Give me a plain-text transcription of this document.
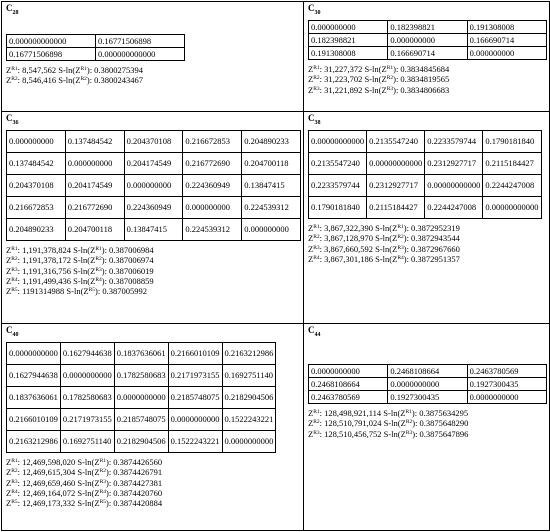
$C_{28}$
0.000000000000	0.16771506898
0.16771506898	0.000000000000
$Z^{R1}$: 8,547,562 $S-\ln(Z^{R1})$: 0.3800275394
$Z^{R2}$: 8,546,416 $S-\ln(Z^{R2})$: 0.3800243467

$C_{30}$
0.000000000	0.182398821	0.191308008
0.182398821	0.000000000	0.166690714
0.191308008	0.166690714	0.000000000
$Z^{R1}$: 31,227,372 $S-\ln(Z^{R1})$: 0.3834845684
$Z^{R2}$: 31,223,702 $S-\ln(Z^{R2})$: 0.3834819565
$Z^{R3}$: 31,221,892 $S-\ln(Z^{R3})$: 0.3834806683

$C_{36}$
0.000000000	0.137484542	0.204370108	0.216672853	0.204890233
0.137484542	0.000000000	0.204174549	0.216772690	0.204700118
0.204370108	0.204174549	0.000000000	0.224360949	0.13847415
0.216672853	0.216772690	0.224360949	0.000000000	0.224539312
0.204890233	0.204700118	0.13847415	0.224539312	0.000000000
$Z^{R1}$: 1,191,378,824 $S-\ln(Z^{R1})$: 0.387006984
$Z^{R2}$: 1,191,378,172 $S-\ln(Z^{R2})$: 0.387006974
$Z^{R3}$: 1,191,316,756 $S-\ln(Z^{R3})$: 0.387006019
$Z^{R4}$: 1,191,499,436 $S-\ln(Z^{R4})$: 0.387008859
$Z^{R5}$: 1191314988 $S-\ln(Z^{R5})$: 0.387005992

$C_{38}$
0.00000000000	0.2135547240	0.2233579744	0.1790181840
0.2135547240	0.00000000000	0.2312927717	0.2115184427
0.2233579744	0.2312927717	0.00000000000	0.2244247008
0.1790181840	0.2115184427	0.2244247008	0.00000000000
$Z^{R1}$: 3,867,322,390 $S-\ln(Z^{R1})$: 0.3872952319
$Z^{R2}$: 3,867,128,970 $S-\ln(Z^{R2})$: 0.3872943544
$Z^{R3}$: 3,867,660,592 $S-\ln(Z^{R3})$: 0.3872967660
$Z^{R4}$: 3,867,301,186 $S-\ln(Z^{R4})$: 0.3872951357

$C_{40}$
0.0000000000	0.1627944638	0.1837636061	0.2166010109	0.2163212986
0.1627944638	0.0000000000	0.1782580683	0.2171973155	0.1692751140
0.1837636061	0.1782580683	0.0000000000	0.2185748075	0.2182904506
0.2166010109	0.2171973155	0.2185748075	0.0000000000	0.1522243221
0.2163212986	0.1692751140	0.2182904506	0.1522243221	0.0000000000
$Z^{R1}$: 12,469,598,020 $S-\ln(Z^{R1})$: 0.3874426560
$Z^{R2}$: 12,469,615,304 $S-\ln(Z^{R2})$: 0.3874426791
$Z^{R3}$: 12,469,659,460 $S-\ln(Z^{R3})$: 0.3874427381
$Z^{R4}$: 12,469,164,072 $S-\ln(Z^{R4})$: 0.3874420760
$Z^{R5}$: 12,469,173,332 $S-\ln(Z^{R5})$: 0.3874420884

$C_{44}$
0.0000000000	0.2468108664	0.2463780569
0.2468108664	0.0000000000	0.1927300435
0.2463780569	0.1927300435	0.0000000000
$Z^{R1}$: 128,498,921,114 $S-\ln(Z^{R1})$: 0.3875634295
$Z^{R2}$: 128,510,791,024 $S-\ln(Z^{R2})$: 0.3875648290
$Z^{R3}$: 128,510,456,752 $S-\ln(Z^{R3})$: 0.3875647896
